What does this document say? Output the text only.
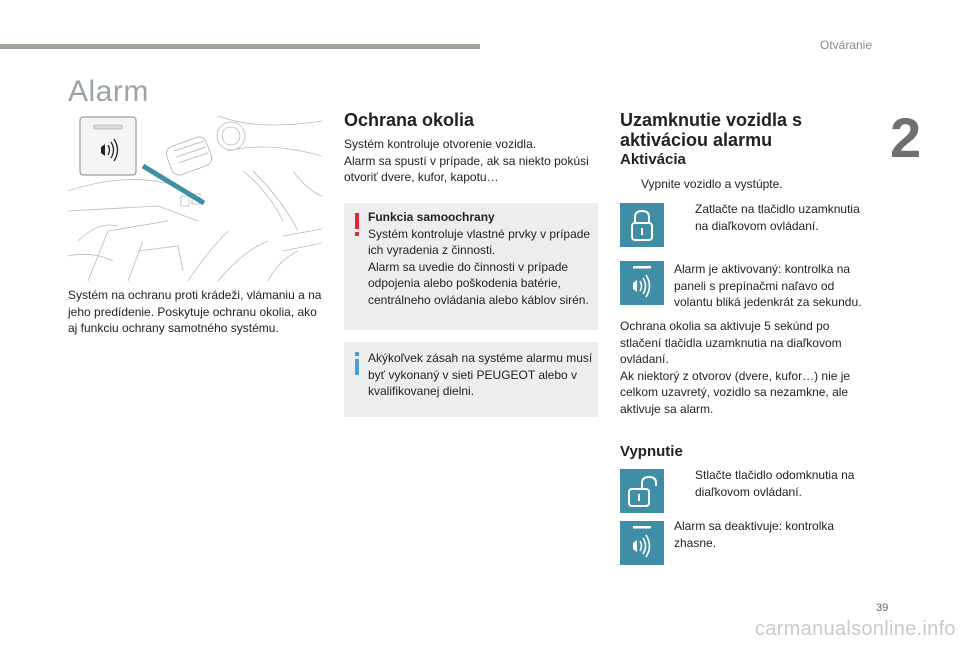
Otváranie
2
Alarm

Systém na ochranu proti krádeži, vlámaniu a na

jeho predídenie. Poskytuje ochranu okolia, ako

aj funkciu ochrany samotného systému.

Ochrana okolia

Systém kontroluje otvorenie vozidla.

Alarm sa spustí v prípade, ak sa niekto pokúsi

otvoriť dvere, kufor, kapotu…

Funkcia samoochrany

Systém kontroluje vlastné prvky v prípade

ich vyradenia z činnosti.

Alarm sa uvedie do činnosti v prípade

odpojenia alebo poškodenia batérie,

centrálneho ovládania alebo káblov sirén.

Akýkoľvek zásah na systéme alarmu musí

byť vykonaný v sieti PEUGEOT alebo v

kvalifikovanej dielni.

Uzamknutie vozidla s

aktiváciou alarmu

Aktivácia
Vypnite vozidlo a vystúpte.

Zatlačte na tlačidlo uzamknutia

na diaľkovom ovládaní.

Alarm je aktivovaný: kontrolka na

paneli s prepínačmi naľavo od

volantu bliká jedenkrát za sekundu.

Ochrana okolia sa aktivuje 5 sekúnd po

stlačení tlačidla uzamknutia na diaľkovom

ovládaní.

Ak niektorý z otvorov (dvere, kufor…) nie je

celkom uzavretý, vozidlo sa nezamkne, ale

aktivuje sa alarm.

Vypnutie

Stlačte tlačidlo odomknutia na

diaľkovom ovládaní.

Alarm sa deaktivuje: kontrolka

zhasne.

39
carmanualsonline.info
